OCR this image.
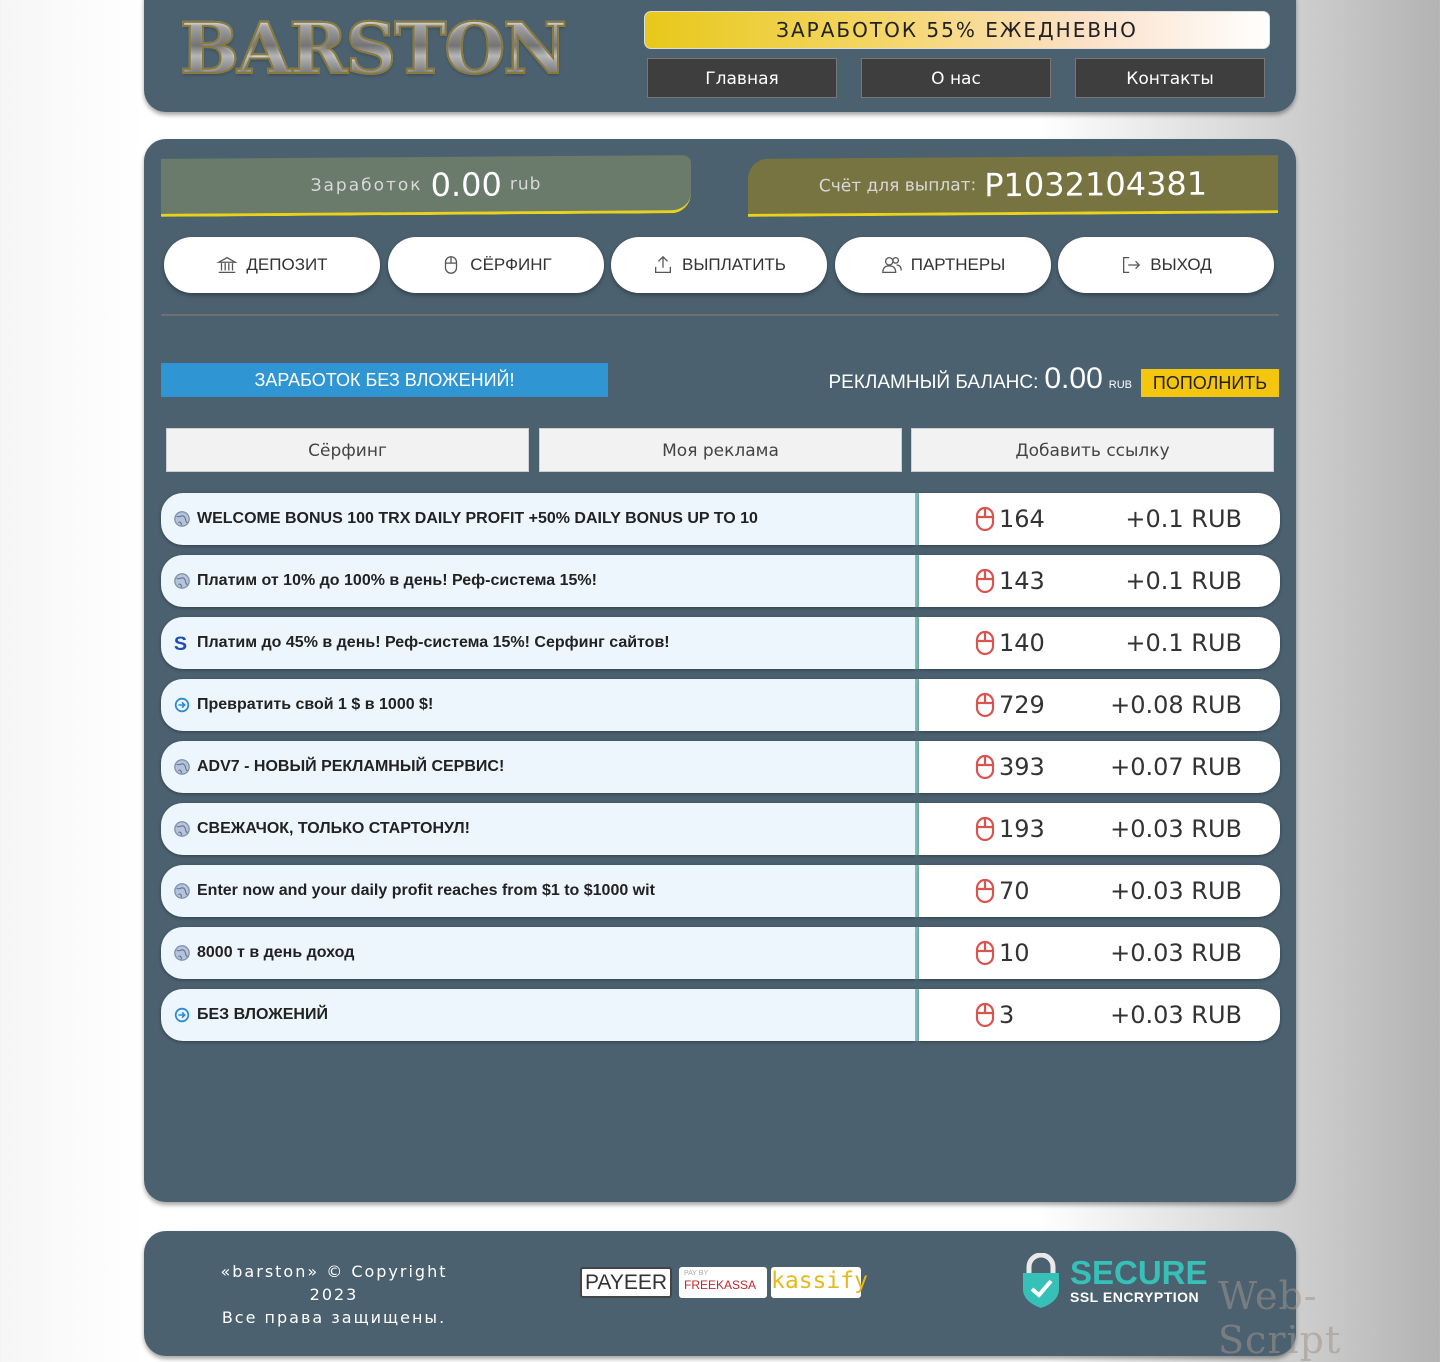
BARSTON	ЗАРАБОТОК 55% ЕЖЕДНЕВНО
Главная	О нас	Контакты
Заработок 0.00 rub	Счёт для выплат: P1032104381
ДЕПОЗИТ	СЁРФИНГ	ВЫПЛАТИТЬ	ПАРТНЕРЫ	ВЫХОД
ЗАРАБОТОК БЕЗ ВЛОЖЕНИЙ!	РЕКЛАМНЫЙ БАЛАНС: 0.00 RUB	ПОПОЛНИТЬ
Сёрфинг	Моя реклама	Добавить ссылку
WELCOME BONUS 100 TRX DAILY PROFIT +50% DAILY BONUS UP TO 10	164	+0.1 RUB
Платим от 10% до 100% в день! Реф-система 15%!	143	+0.1 RUB
S Платим до 45% в день! Реф-система 15%! Серфинг сайтов!	140	+0.1 RUB
Превратить свой 1 $ в 1000 $!	729	+0.08 RUB
ADV7 - НОВЫЙ РЕКЛАМНЫЙ СЕРВИС!	393	+0.07 RUB
СВЕЖАЧОК, ТОЛЬКО СТАРТОНУЛ!	193	+0.03 RUB
Enter now and your daily profit reaches from $1 to $1000 wit	70	+0.03 RUB
8000 т в день доход	10	+0.03 RUB
БЕЗ ВЛОЖЕНИЙ	3	+0.03 RUB
«barston» © Copyright 2023
Все права защищены.
PAYEER	PAY BY
FREEKASSA kassify	SECURE
SSL ENCRYPTION Web-Script
